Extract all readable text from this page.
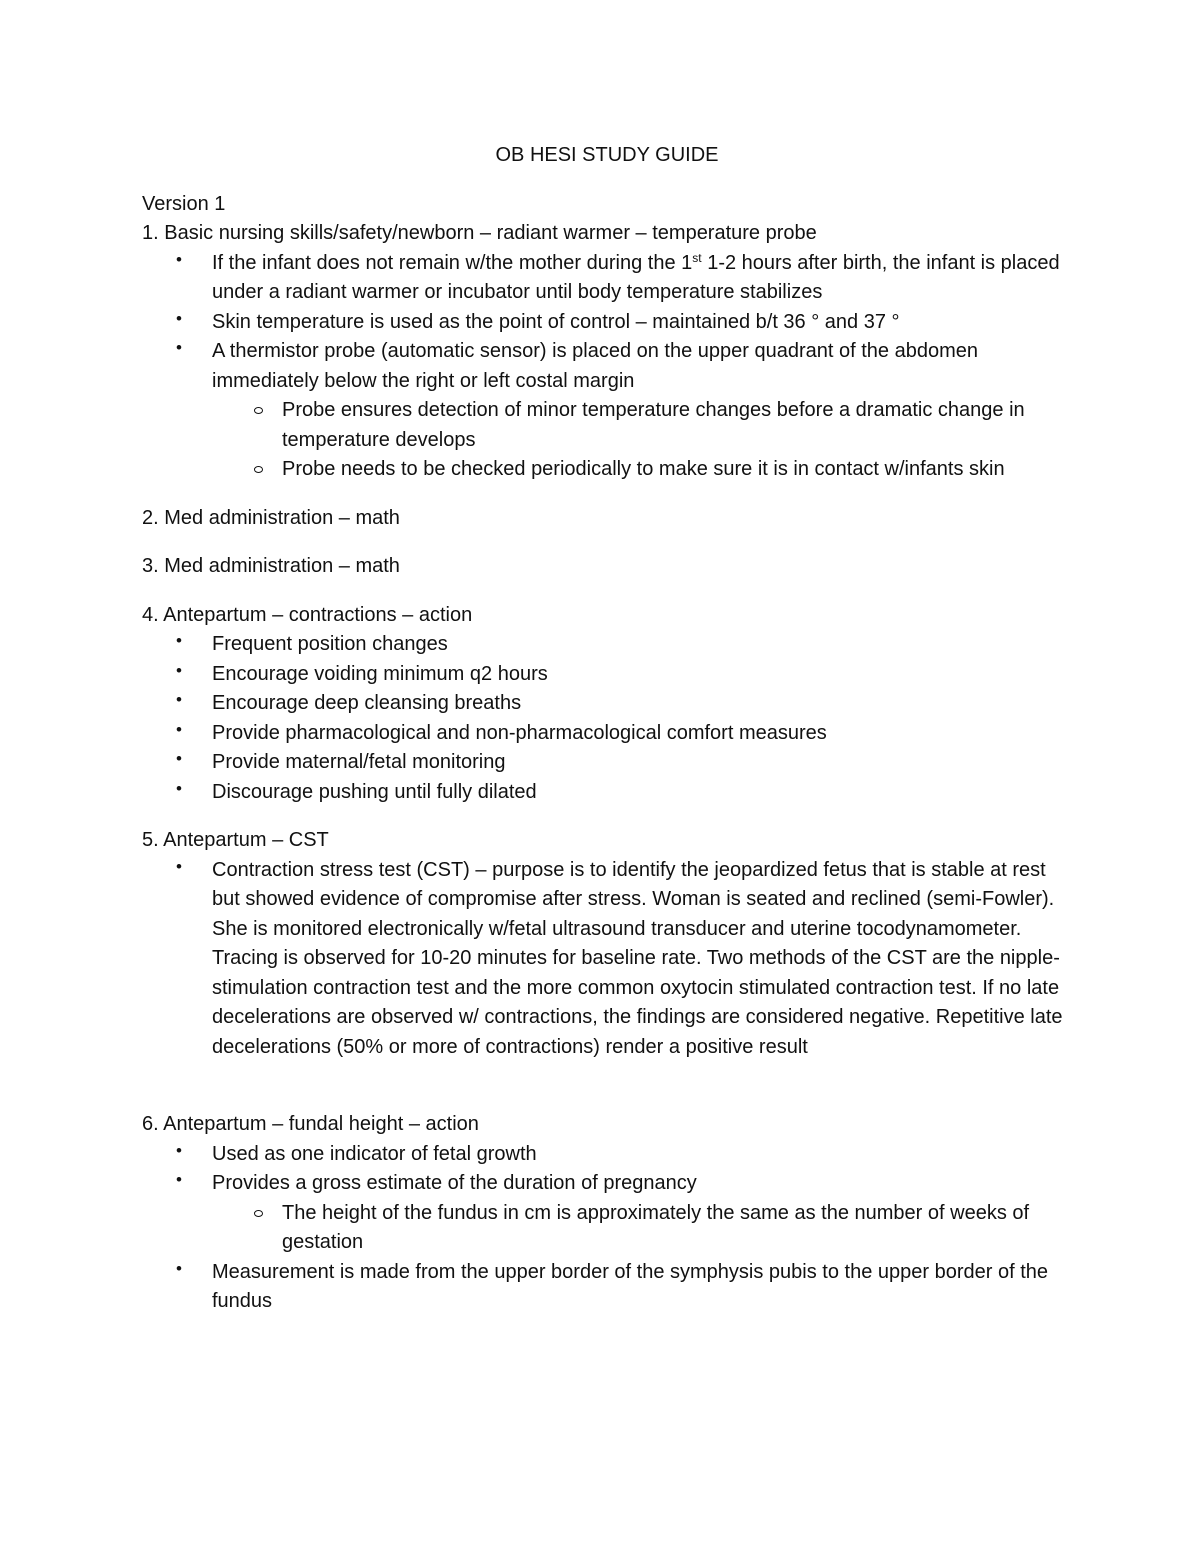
OB HESI STUDY GUIDE

Version 1

1. Basic nursing skills/safety/newborn – radiant warmer – temperature probe

• If the infant does not remain w/the mother during the 1st 1-2 hours after birth, the infant is placed under a radiant warmer or incubator until body temperature stabilizes
• Skin temperature is used as the point of control – maintained b/t 36 ° and 37 °
• A thermistor probe (automatic sensor) is placed on the upper quadrant of the abdomen immediately below the right or left costal margin
Probe ensures detection of minor temperature changes before a dramatic change in temperature develops
Probe needs to be checked periodically to make sure it is in contact w/infants skin

2. Med administration – math

3. Med administration – math

4. Antepartum – contractions – action

• Frequent position changes
• Encourage voiding minimum q2 hours
• Encourage deep cleansing breaths
• Provide pharmacological and non-pharmacological comfort measures
• Provide maternal/fetal monitoring
• Discourage pushing until fully dilated

5. Antepartum – CST

• Contraction stress test (CST) – purpose is to identify the jeopardized fetus that is stable at rest but showed evidence of compromise after stress. Woman is seated and reclined (semi-Fowler). She is monitored electronically w/fetal ultrasound transducer and uterine tocodynamometer. Tracing is observed for 10-20 minutes for baseline rate. Two methods of the CST are the nipple-stimulation contraction test and the more common oxytocin stimulated contraction test. If no late decelerations are observed w/ contractions, the findings are considered negative. Repetitive late decelerations (50% or more of contractions) render a positive result

6. Antepartum – fundal height – action

• Used as one indicator of fetal growth
• Provides a gross estimate of the duration of pregnancy
The height of the fundus in cm is approximately the same as the number of weeks of gestation
• Measurement is made from the upper border of the symphysis pubis to the upper border of the fundus
